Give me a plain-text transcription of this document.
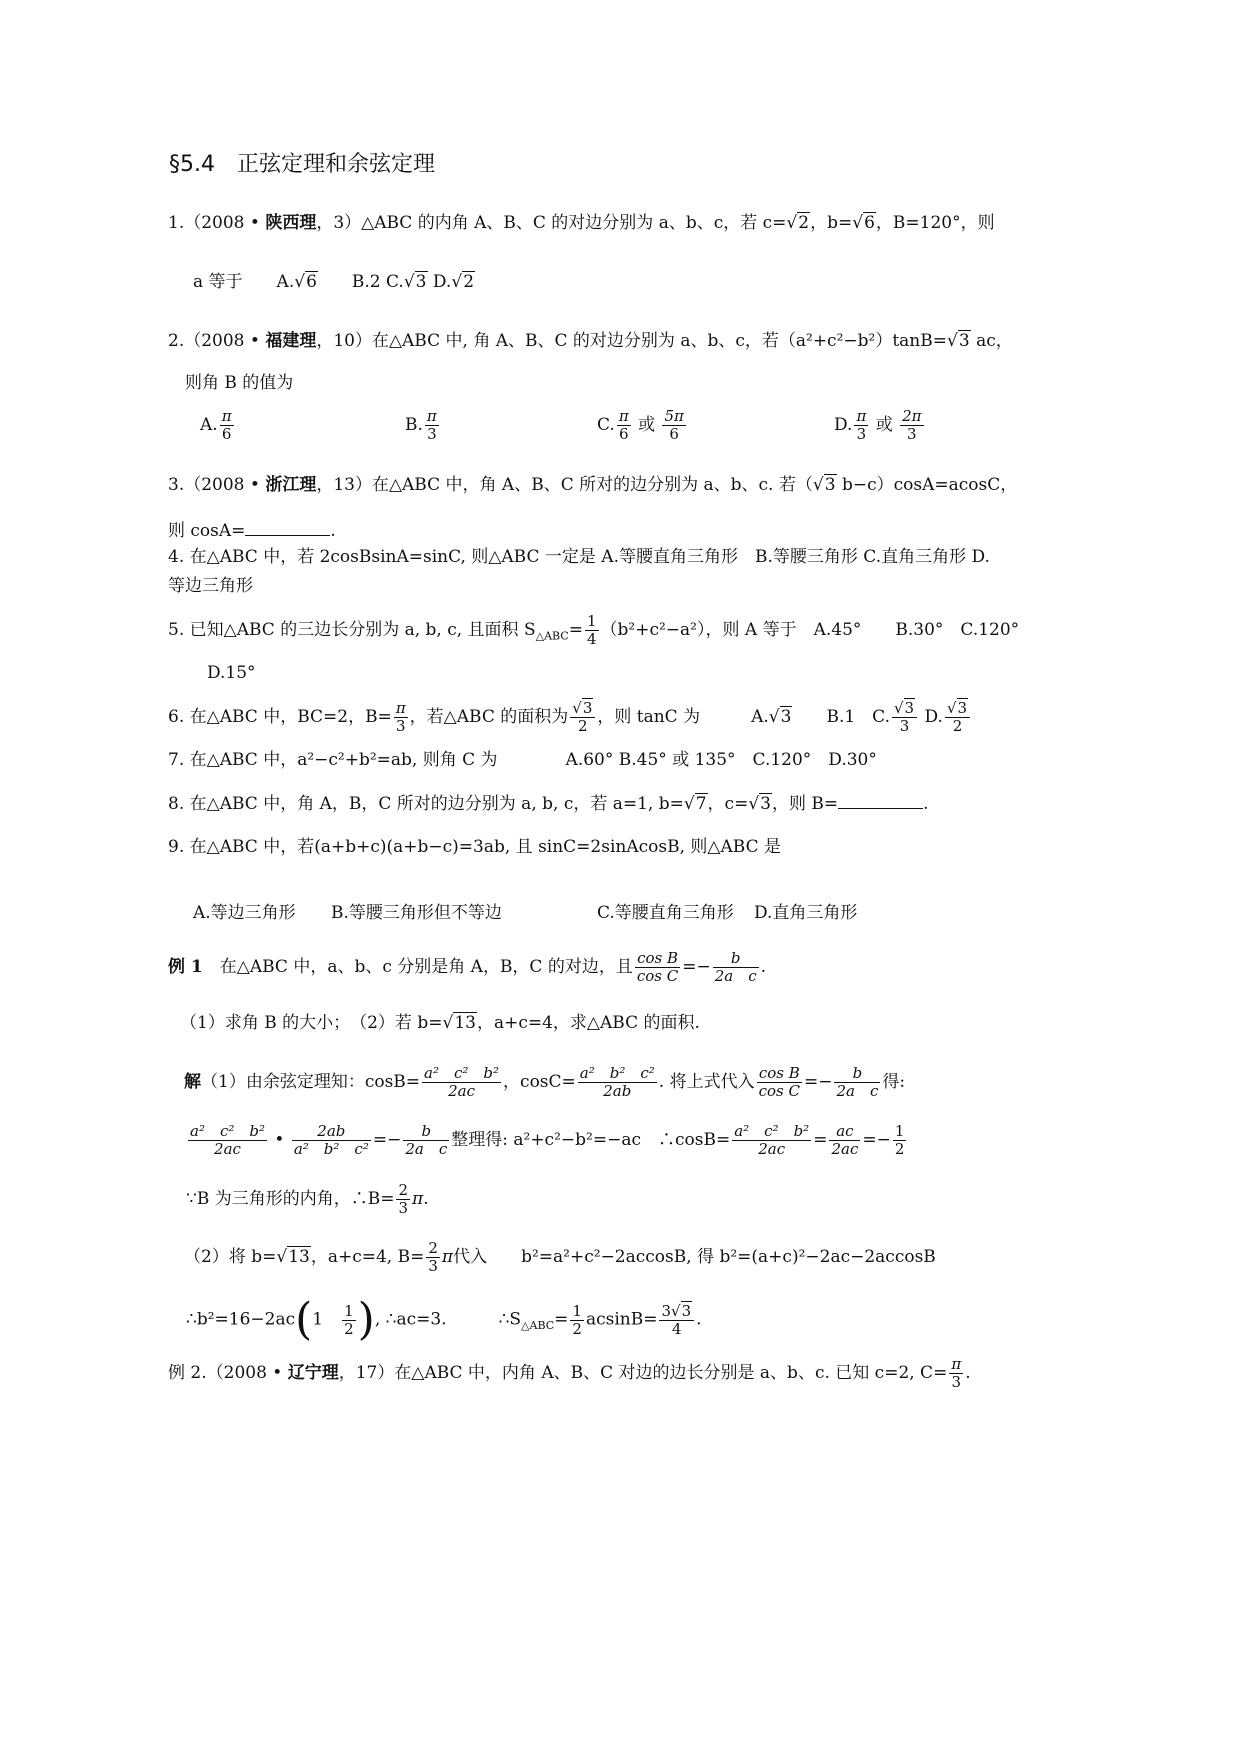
§5.4　正弦定理和余弦定理
1.（2008 • 陕西理，3）△ABC 的内角 A、B、C 的对边分别为 a、b、c，若 c=√2，b=√6，B=120°，则
a 等于　　A.√6　　B.2 C.√3 D.√2
2.（2008 • 福建理，10）在△ABC 中, 角 A、B、C 的对边分别为 a、b、c，若（a²+c²−b²）tanB=√3 ac，
则角 B 的值为
A. $\frac{\pi}{6}$	B. $\frac{\pi}{3}$	C. $\frac{\pi}{6}$ 或 $\frac{5\pi}{6}$	D. $\frac{\pi}{3}$ 或 $\frac{2\pi}{3}$
3.（2008 • 浙江理，13）在△ABC 中，角 A、B、C 所对的边分别为 a、b、c. 若（√3 b−c）cosA=acosC，
则 cosA=	.
4. 在△ABC 中，若 2cosBsinA=sinC, 则△ABC 一定是 A.等腰直角三角形　B.等腰三角形 C.直角三角形 D.
等边三角形
5. 已知△ABC 的三边长分别为 a, b, c, 且面积 $S_{\triangle ABC}= \frac{1}{4} (b^2+c^2-a^2)$，则 A 等于　A.45°　　B.30°　C.120°
D.15°
6. 在△ABC 中，BC=2，$B= \frac{\pi}{3}$ ，若△ABC 的面积为 $\frac{√3}{2}$ ，则 tanC 为　　　A.√3　　B.1　C. $\frac{√3}{3} D$. $\frac{√3}{2}$
7. 在△ABC 中，a²−c²+b²=ab, 则角 C 为　　　　A.60° B.45° 或 135°　C.120°　D.30°
8. 在△ABC 中，角 A，B，C 所对的边分别为 a, b, c，若 a=1, b=√7，c=√3，则 B=	.
9. 在△ABC 中，若(a+b+c)(a+b−c)=3ab, 且 sinC=2sinAcosB, 则△ABC 是
A.等边三角形 B.等腰三角形但不等边	C.等腰直角三角形 D.直角三角形
例 1　在△ABC 中，a、b、c 分别是角 A，B，C 的对边，且 $\frac{\text{cos B}}{\text{cos C}} =- \frac{b}{\text{2a　c}}$ .
（1）求角 B 的大小；　（2）若 b=√13，a+c=4，求△ABC 的面积.
解（1）由余弦定理知：$\cos B= \frac{\text{a²　c²　b²}}{2ac}$ ，$\cos C= \frac{\text{a²　b²　c²}}{2ab}$ . 将上式代入 $\frac{\text{cos B}}{\text{cos C}} =- \frac{b}{\text{2a　c}}$ 得:
$\frac{\text{a²　c²　b²}}{2ac}$ • $\frac{2ab}{\text{a²　b²　c²}} =- \frac{b}{\text{2a　c}}$ 整理得: a²+c²−b²=−ac　∴cosB= $\frac{\text{a²　c²　b²}}{2ac} = \frac{ac}{2ac} =- \frac{1}{2}$
∵B 为三角形的内角，∴B= $\frac{2}{3} \pi$.
（2）将 b=√13，a+c=4, $B= \frac{2}{3}$ π代入　　b²=a²+c²−2accosB, 得 b²=(a+c)²−2ac−2accosB
∴b²=16−2ac(1　 $\frac{1}{2}$ ), ∴ac=3.	$\therefore S_{\triangle ABC}= \frac{1}{2} acsinB= \frac{3√3}{4}$ .
例 2.（2008 • 辽宁理，17）在△ABC 中，内角 A、B、C 对边的边长分别是 a、b、c. 已知 c=2, $C= \frac{\pi}{3}$ .
